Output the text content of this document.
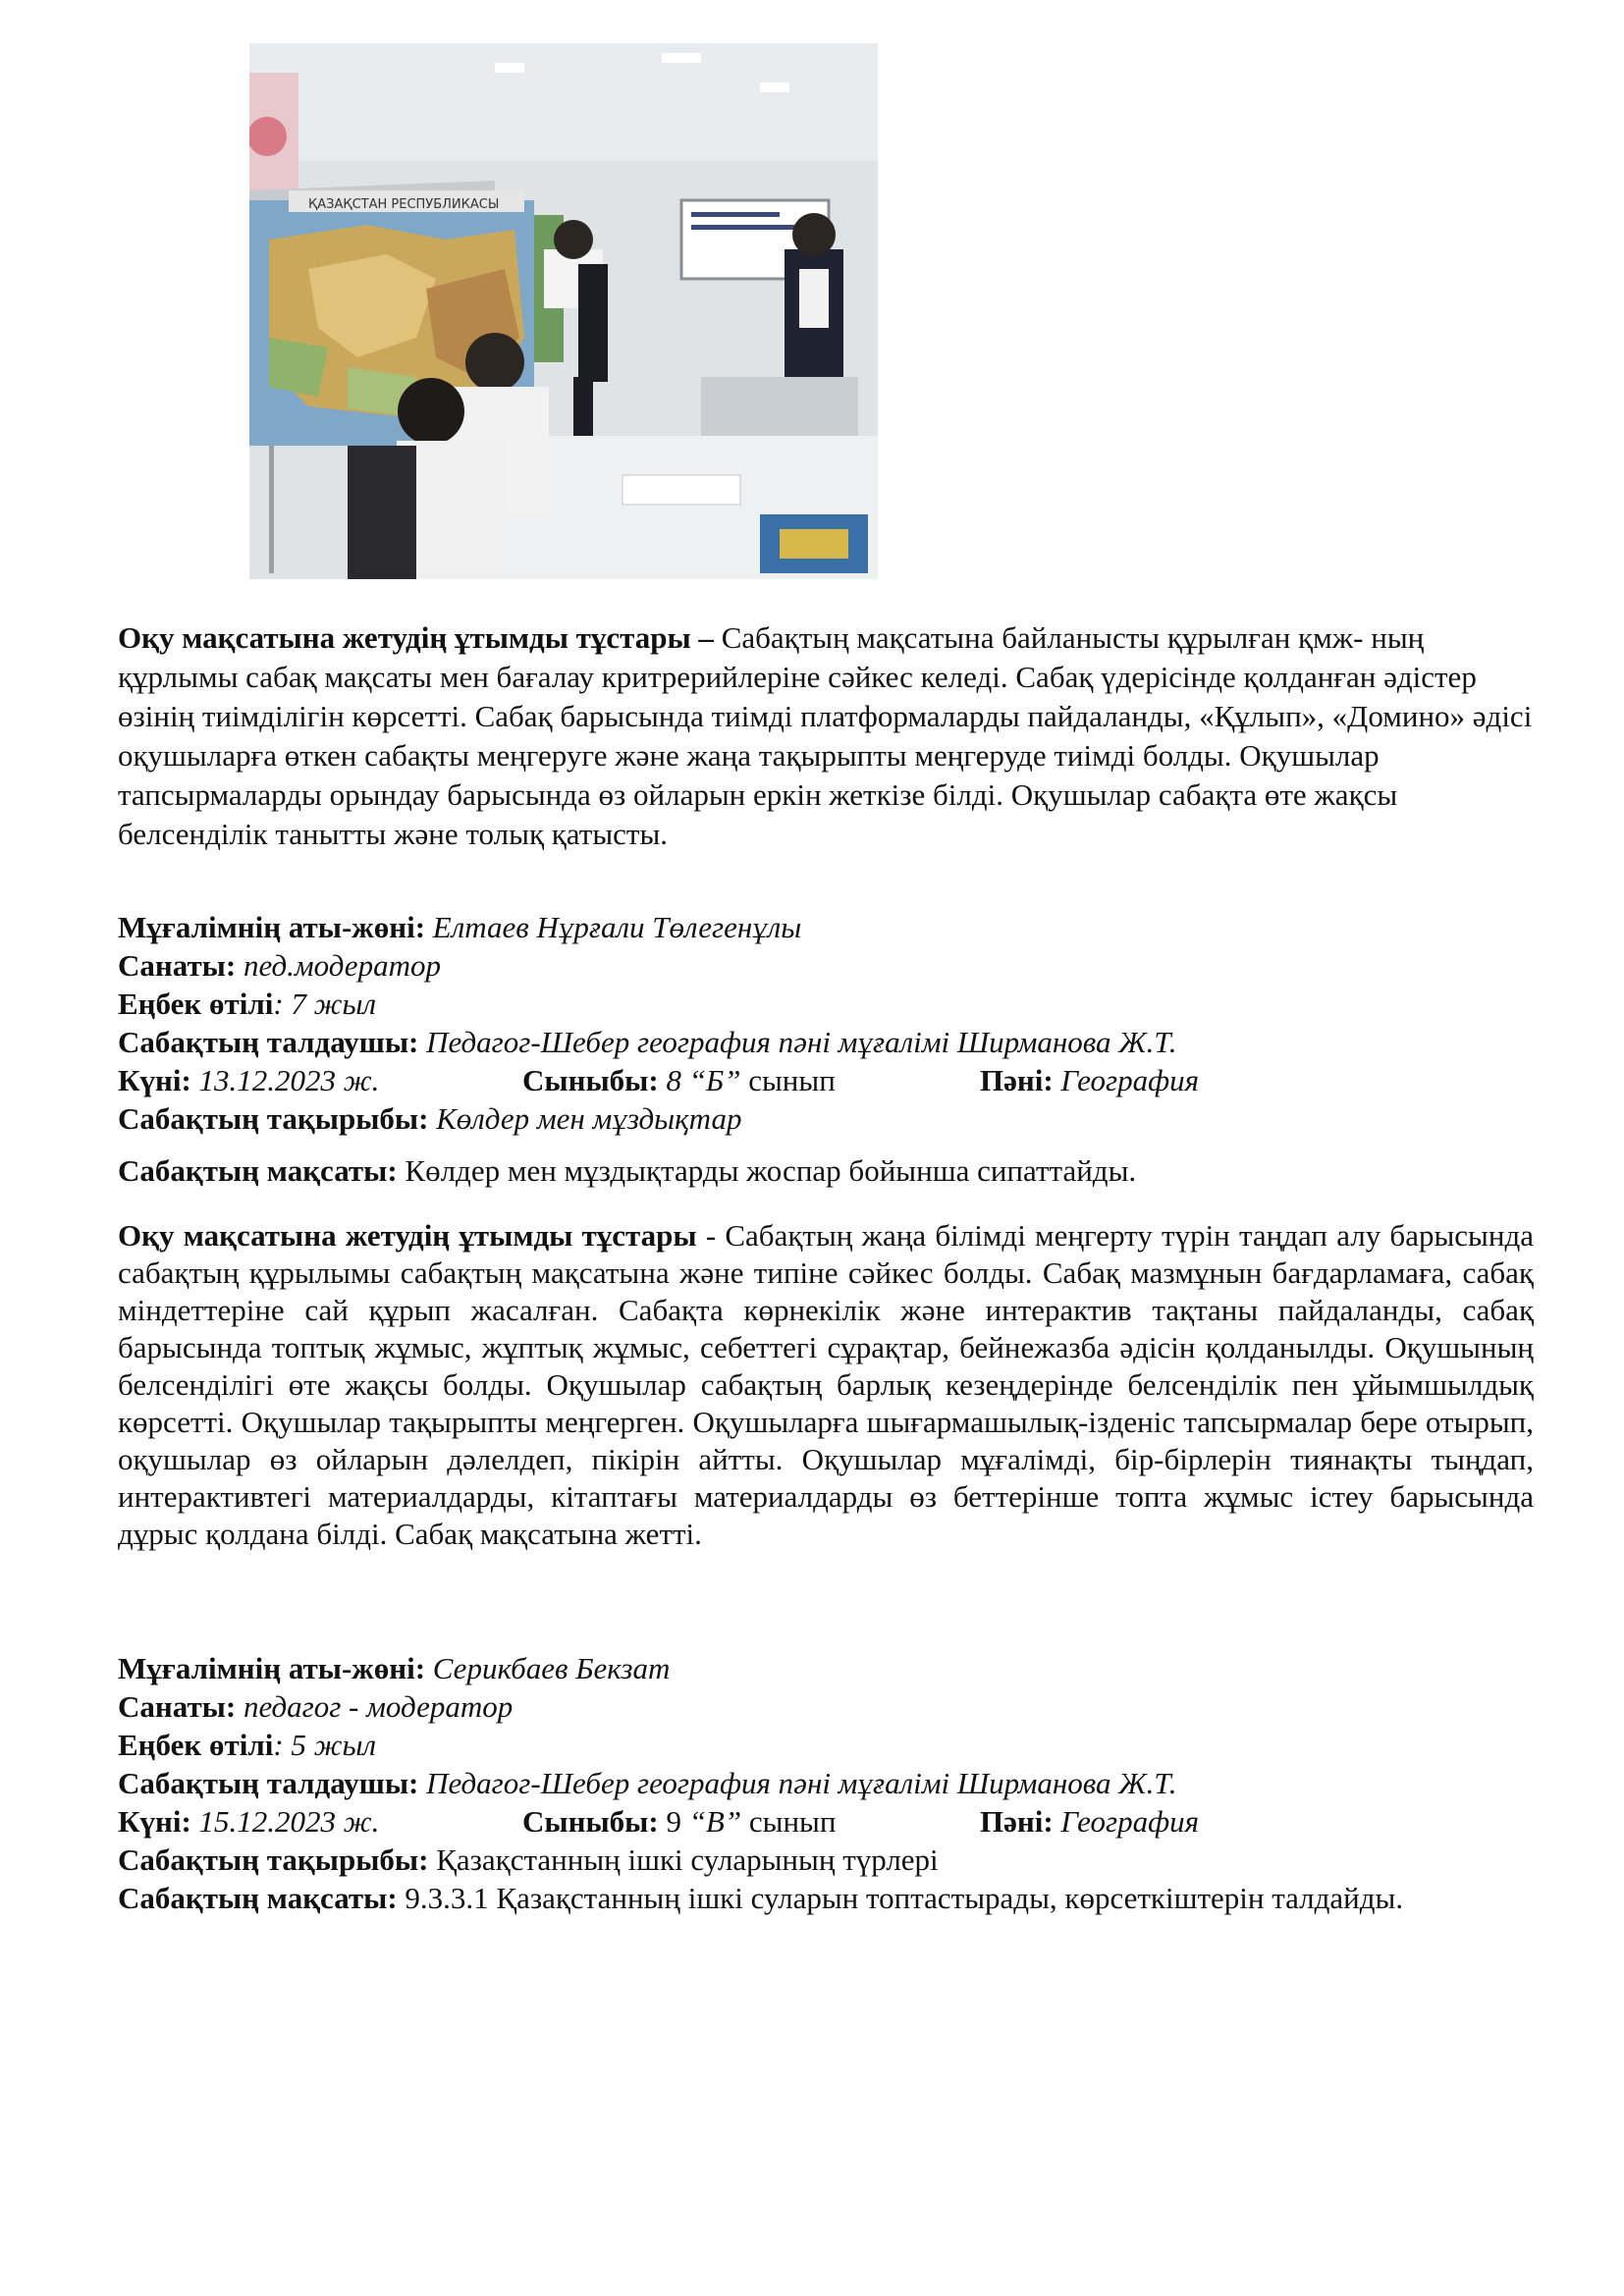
ҚАЗАҚСТАН РЕСПУБЛИКАСЫ
Оқу мақсатына жетудің ұтымды тұстары – Сабақтың мақсатына байланысты құрылған қмж- ның құрлымы сабақ мақсаты мен бағалау критрерийлеріне сәйкес келеді. Сабақ үдерісінде қолданған әдістер өзінің тиімділігін көрсетті. Сабақ барысында тиімді платформаларды пайдаланды, «Құлып», «Домино» әдісі оқушыларға өткен сабақты меңгеруге және жаңа тақырыпты меңгеруде тиімді болды. Оқушылар тапсырмаларды орындау барысында өз ойларын еркін жеткізе білді. Оқушылар сабақта өте жақсы белсенділік танытты және толық қатысты.
Мұғалімнің аты-жөні: Елтаев Нұрғали Төлегенұлы
Санаты: пед.модератор
Еңбек өтілі: 7 жыл
Сабақтың талдаушы: Педагог-Шебер география пәні мұғалімі Ширманова Ж.Т.
Күні: 13.12.2023 ж.	Сыныбы: 8 “Б” сынып	Пәні: География
Сабақтың тақырыбы: Көлдер мен мұздықтар
Сабақтың мақсаты: Көлдер мен мұздықтарды жоспар бойынша сипаттайды.
Оқу мақсатына жетудің ұтымды тұстары - Сабақтың жаңа білімді меңгерту түрін таңдап алу барысында сабақтың құрылымы сабақтың мақсатына және типіне сәйкес болды. Сабақ мазмұнын бағдарламаға, сабақ міндеттеріне сай құрып жасалған. Сабақта көрнекілік және интерактив тақтаны пайдаланды, сабақ барысында топтық жұмыс, жұптық жұмыс, себеттегі сұрақтар, бейнежазба әдісін қолданылды. Оқушының белсенділігі өте жақсы болды. Оқушылар сабақтың барлық кезеңдерінде белсенділік пен ұйымшылдық көрсетті. Оқушылар тақырыпты меңгерген. Оқушыларға шығармашылық-ізденіс тапсырмалар бере отырып, оқушылар өз ойларын дәлелдеп, пікірін айтты. Оқушылар мұғалімді, бір-бірлерін тиянақты тыңдап, интерактивтегі материалдарды, кітаптағы материалдарды өз беттерінше топта жұмыс істеу барысында дұрыс қолдана білді. Сабақ мақсатына жетті.
Мұғалімнің аты-жөні: Серикбаев Бекзат
Санаты: педагог - модератор
Еңбек өтілі: 5 жыл
Сабақтың талдаушы: Педагог-Шебер география пәні мұғалімі Ширманова Ж.Т.
Күні: 15.12.2023 ж.	Сыныбы: 9 “В” сынып	Пәні: География
Сабақтың тақырыбы: Қазақстанның ішкі суларының түрлері
Сабақтың мақсаты: 9.3.3.1 Қазақстанның ішкі суларын топтастырады, көрсеткіштерін талдайды.
